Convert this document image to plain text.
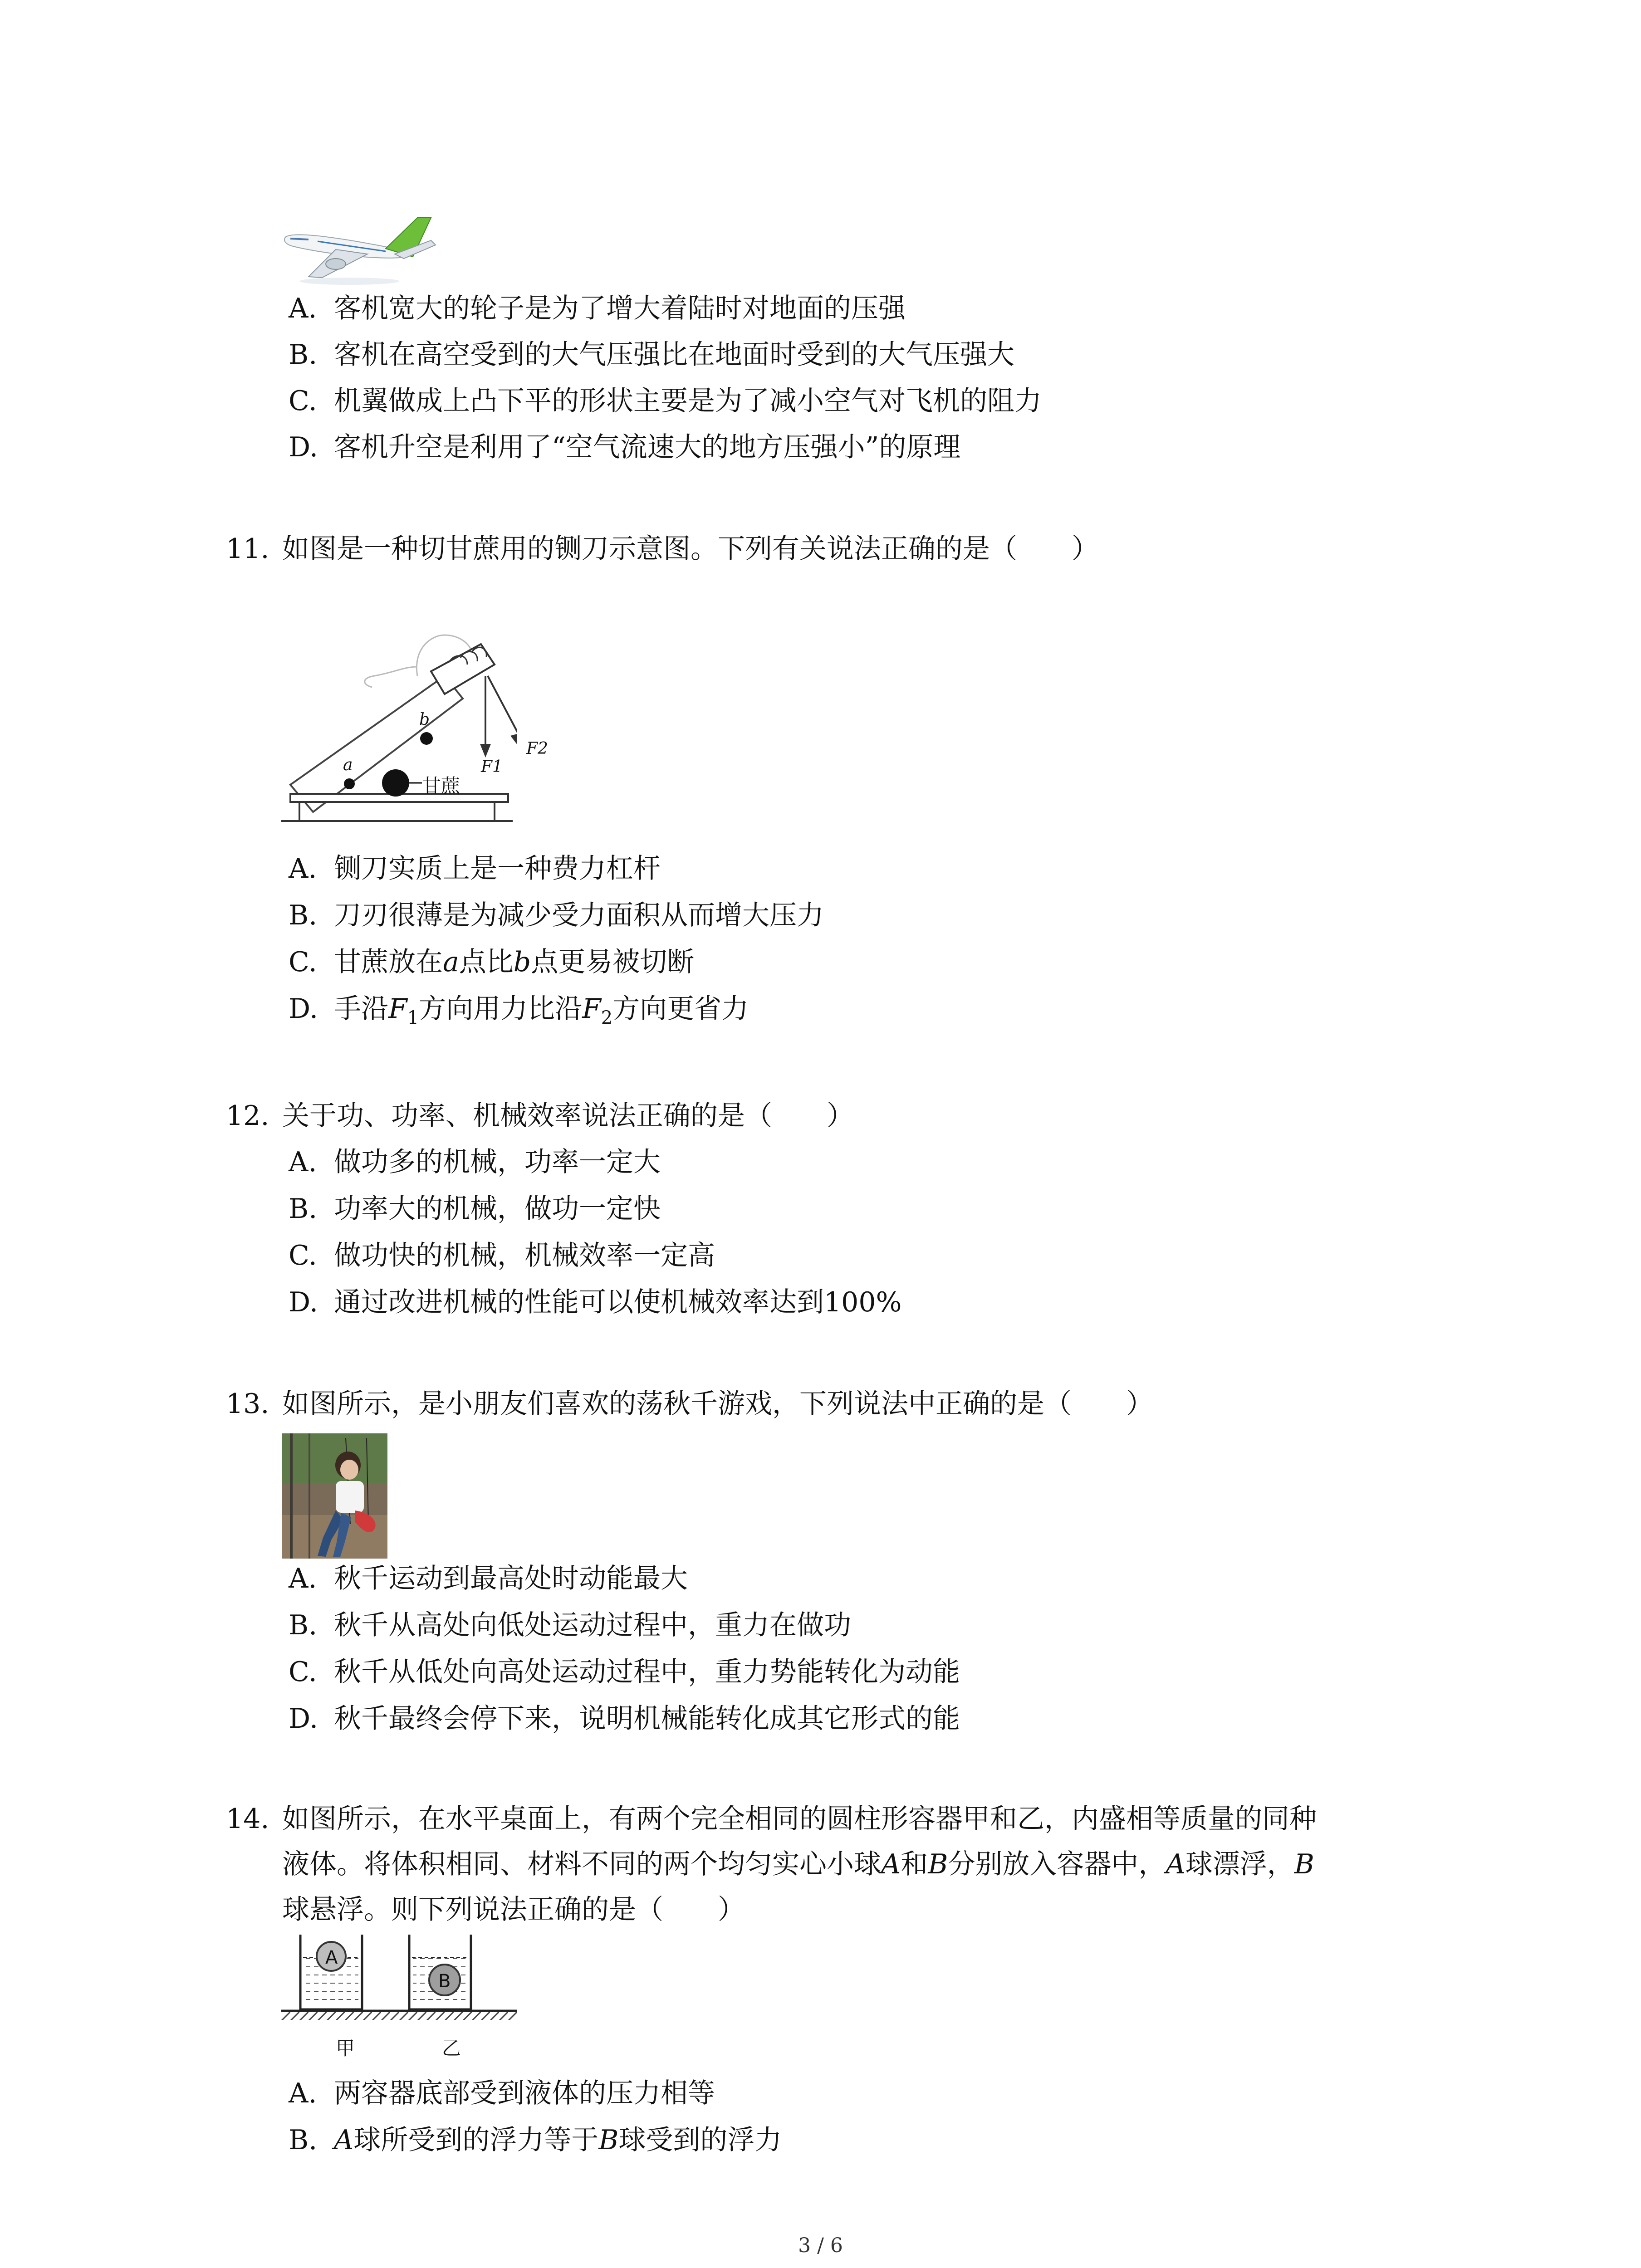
A. 客机宽大的轮子是为了增大着陆时对地面的压强
B. 客机在高空受到的大气压强比在地面时受到的大气压强大
C. 机翼做成上凸下平的形状主要是为了减小空气对飞机的阻力
D. 客机升空是利用了“空气流速大的地方压强小”的原理
11. 如图是一种切甘蔗用的铡刀示意图。下列有关说法正确的是（　　）
a
b
甘蔗
F1
F2
A. 铡刀实质上是一种费力杠杆
B. 刀刃很薄是为减少受力面积从而增大压力
C. 甘蔗放在a点比b点更易被切断
D. 手沿$F_1$方向用力比沿$F_2$方向更省力
12. 关于功、功率、机械效率说法正确的是（　　）
A. 做功多的机械，功率一定大
B. 功率大的机械，做功一定快
C. 做功快的机械，机械效率一定高
D. 通过改进机械的性能可以使机械效率达到100%
13. 如图所示，是小朋友们喜欢的荡秋千游戏，下列说法中正确的是（　　）
A. 秋千运动到最高处时动能最大
B. 秋千从高处向低处运动过程中，重力在做功
C. 秋千从低处向高处运动过程中，重力势能转化为动能
D. 秋千最终会停下来，说明机械能转化成其它形式的能
14. 如图所示，在水平桌面上，有两个完全相同的圆柱形容器甲和乙，内盛相等质量的同种
液体。将体积相同、材料不同的两个均匀实心小球A和B分别放入容器中，A球漂浮，B
球悬浮。则下列说法正确的是（　　）
A
B
甲	乙
A. 两容器底部受到液体的压力相等
B. A球所受到的浮力等于B球受到的浮力
3 / 6
